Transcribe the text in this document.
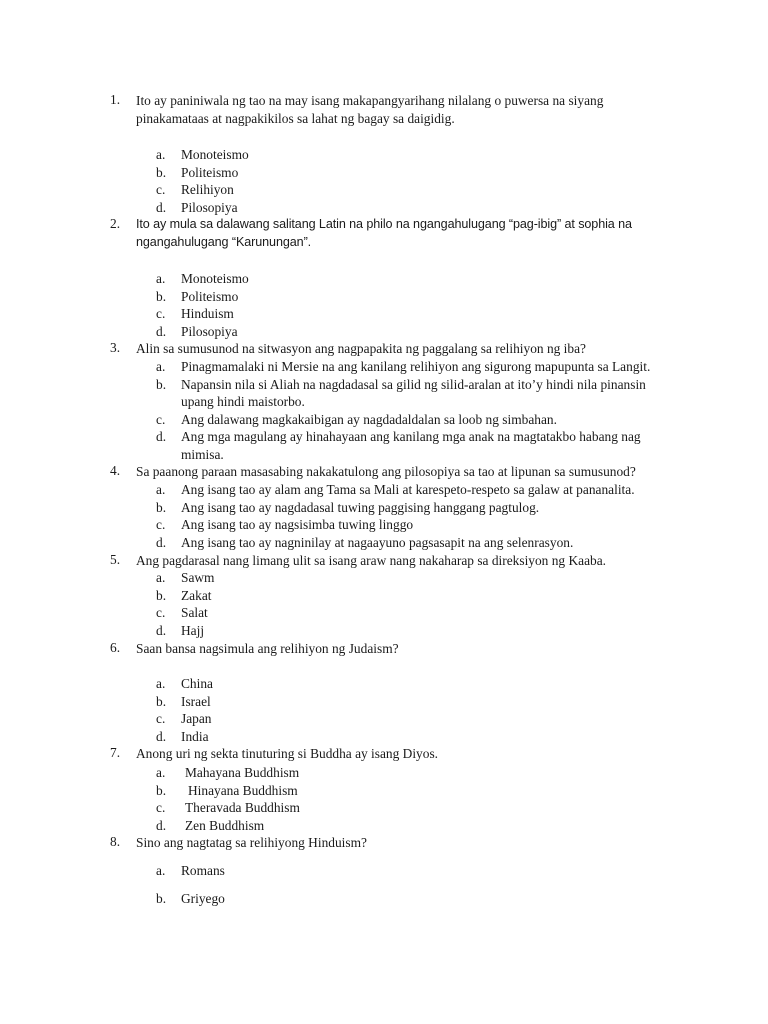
1.	Ito ay paniniwala ng tao na may isang makapangyarihang nilalang o puwersa na siyang pinakamataas at nagpakikilos sa lahat ng bagay sa daigidig.
a.	Monoteismo
b.	Politeismo
c.	Relihiyon
d.	Pilosopiya
2.	Ito ay mula sa dalawang salitang Latin na philo na ngangahulugang “pag-ibig” at sophia na ngangahulugang “Karunungan”.
a.	Monoteismo
b.	Politeismo
c.	Hinduism
d.	Pilosopiya
3.	Alin sa sumusunod na sitwasyon ang nagpapakita ng paggalang sa relihiyon ng iba?
a.	Pinagmamalaki ni Mersie na ang kanilang relihiyon ang sigurong mapupunta sa Langit.
b.	Napansin nila si Aliah na nagdadasal sa gilid ng silid-aralan at ito’y hindi nila pinansin upang hindi maistorbo.
c.	Ang dalawang magkakaibigan ay nagdadaldalan sa loob ng simbahan.
d.	Ang mga magulang ay hinahayaan ang kanilang mga anak na magtatakbo habang nag mimisa.
4.	Sa paanong paraan masasabing nakakatulong ang pilosopiya sa tao at lipunan sa sumusunod?
a.	Ang isang tao ay alam ang Tama sa Mali at karespeto-respeto sa galaw at pananalita.
b.	Ang isang tao ay nagdadasal tuwing paggising hanggang pagtulog.
c.	Ang isang tao ay nagsisimba tuwing linggo
d.	Ang isang tao ay nagninilay at nagaayuno pagsasapit na ang selenrasyon.
5.	Ang pagdarasal nang limang ulit sa isang araw nang nakaharap sa direksiyon ng Kaaba.
a.	Sawm
b.	Zakat
c.	Salat
d.	Hajj
6.	Saan bansa nagsimula ang relihiyon ng Judaism?
a.	China
b.	Israel
c.	Japan
d.	India
7.	Anong uri ng sekta tinuturing si Buddha ay isang Diyos.
a.	Mahayana Buddhism
b.	Hinayana Buddhism
c.	Theravada Buddhism
d.	Zen Buddhism
8.	Sino ang nagtatag sa relihiyong Hinduism?
a.	Romans
b.	Griyego
